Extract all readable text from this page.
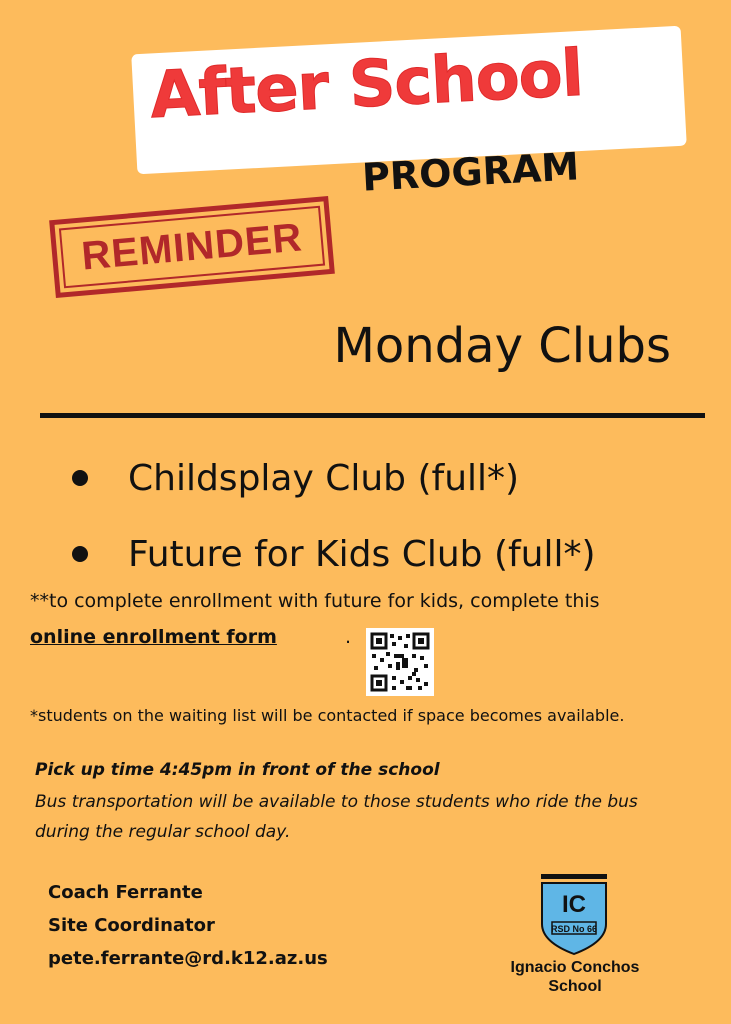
After School
PROGRAM
REMINDER
Monday Clubs
Childsplay Club (full*)
Future for Kids Club (full*)
**to complete enrollment with future for kids, complete this
online enrollment form	.
*students on the waiting list will be contacted if space becomes available.
Pick up time 4:45pm in front of the school
Bus transportation will be available to those students who ride the bus during the regular school day.
Coach Ferrante
Site Coordinator
pete.ferrante@rd.k12.az.us
IC
RSD No 66
Ignacio Conchos School
